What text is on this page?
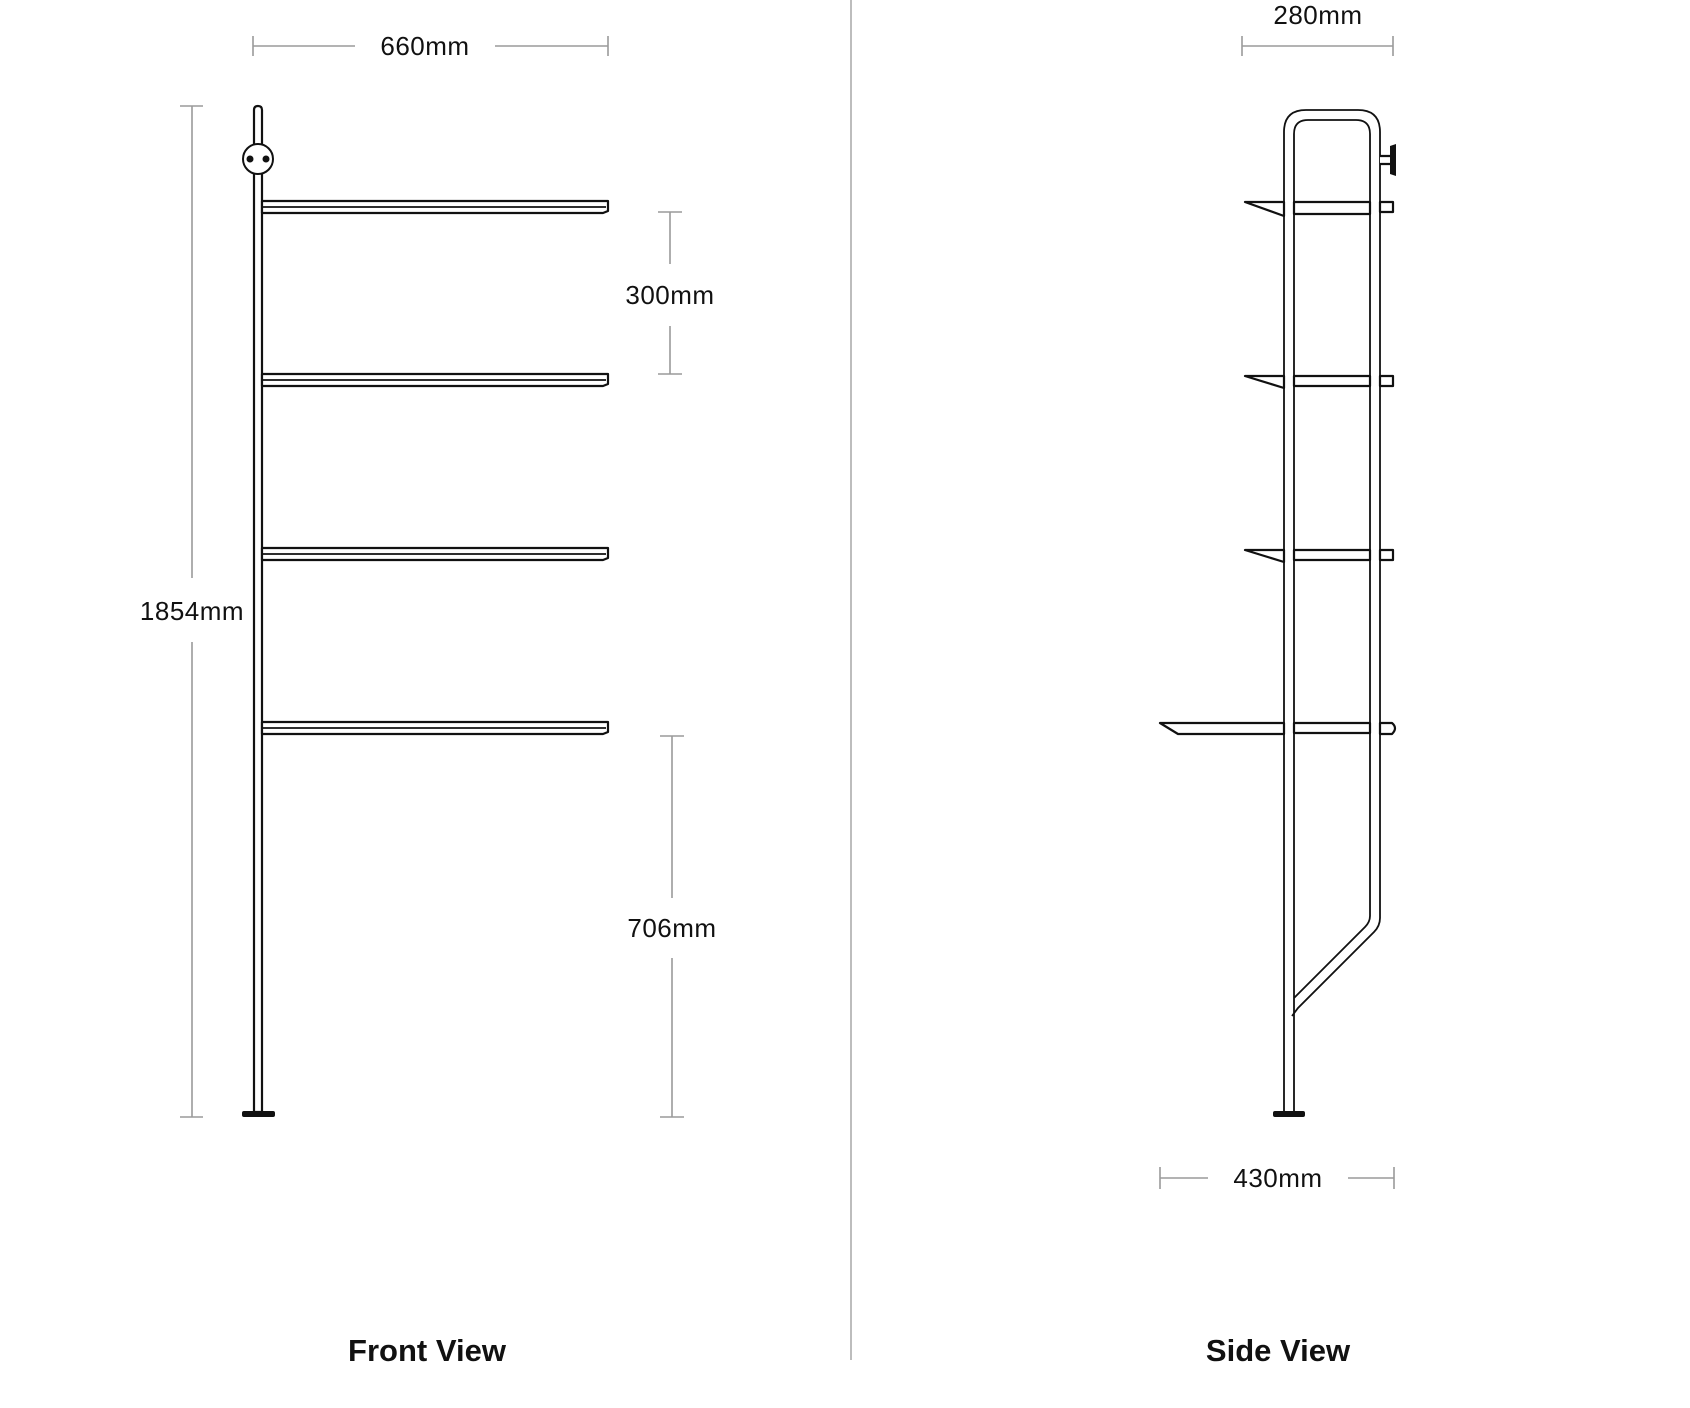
660mm
1854mm
300mm
706mm
Front View
280mm
430mm
Side View
